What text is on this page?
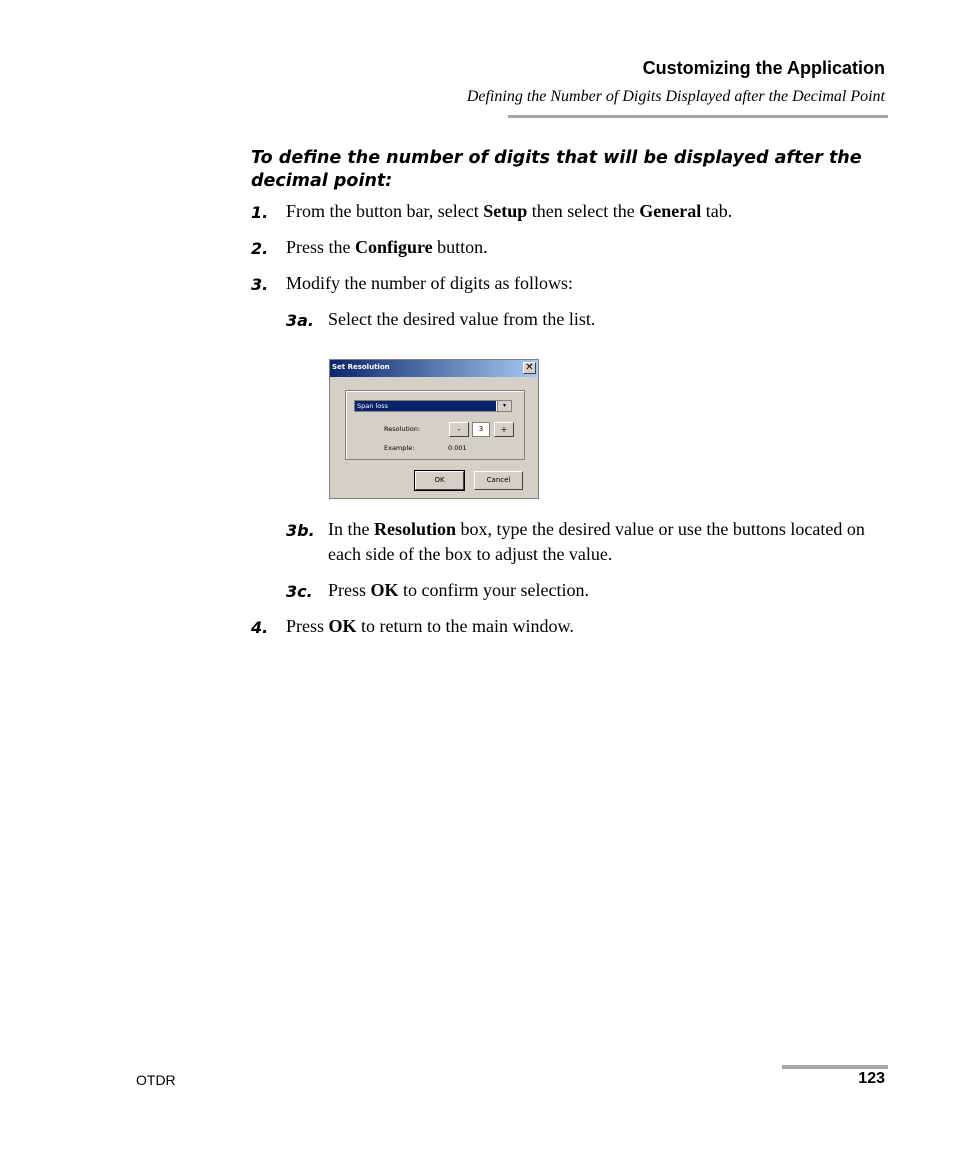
Customizing the Application
Defining the Number of Digits Displayed after the Decimal Point
To define the number of digits that will be displayed after the decimal point:
1. From the button bar, select Setup then select the General tab.
2. Press the Configure button.
3. Modify the number of digits as follows:
3a. Select the desired value from the list.
Set Resolution	✕
Span loss	▾
Resolution:	-	3	+
Example:	0.001
OK	Cancel
3b. In the Resolution box, type the desired value or use the buttons located on each side of the box to adjust the value.
3c. Press OK to confirm your selection.
4. Press OK to return to the main window.
OTDR	123
